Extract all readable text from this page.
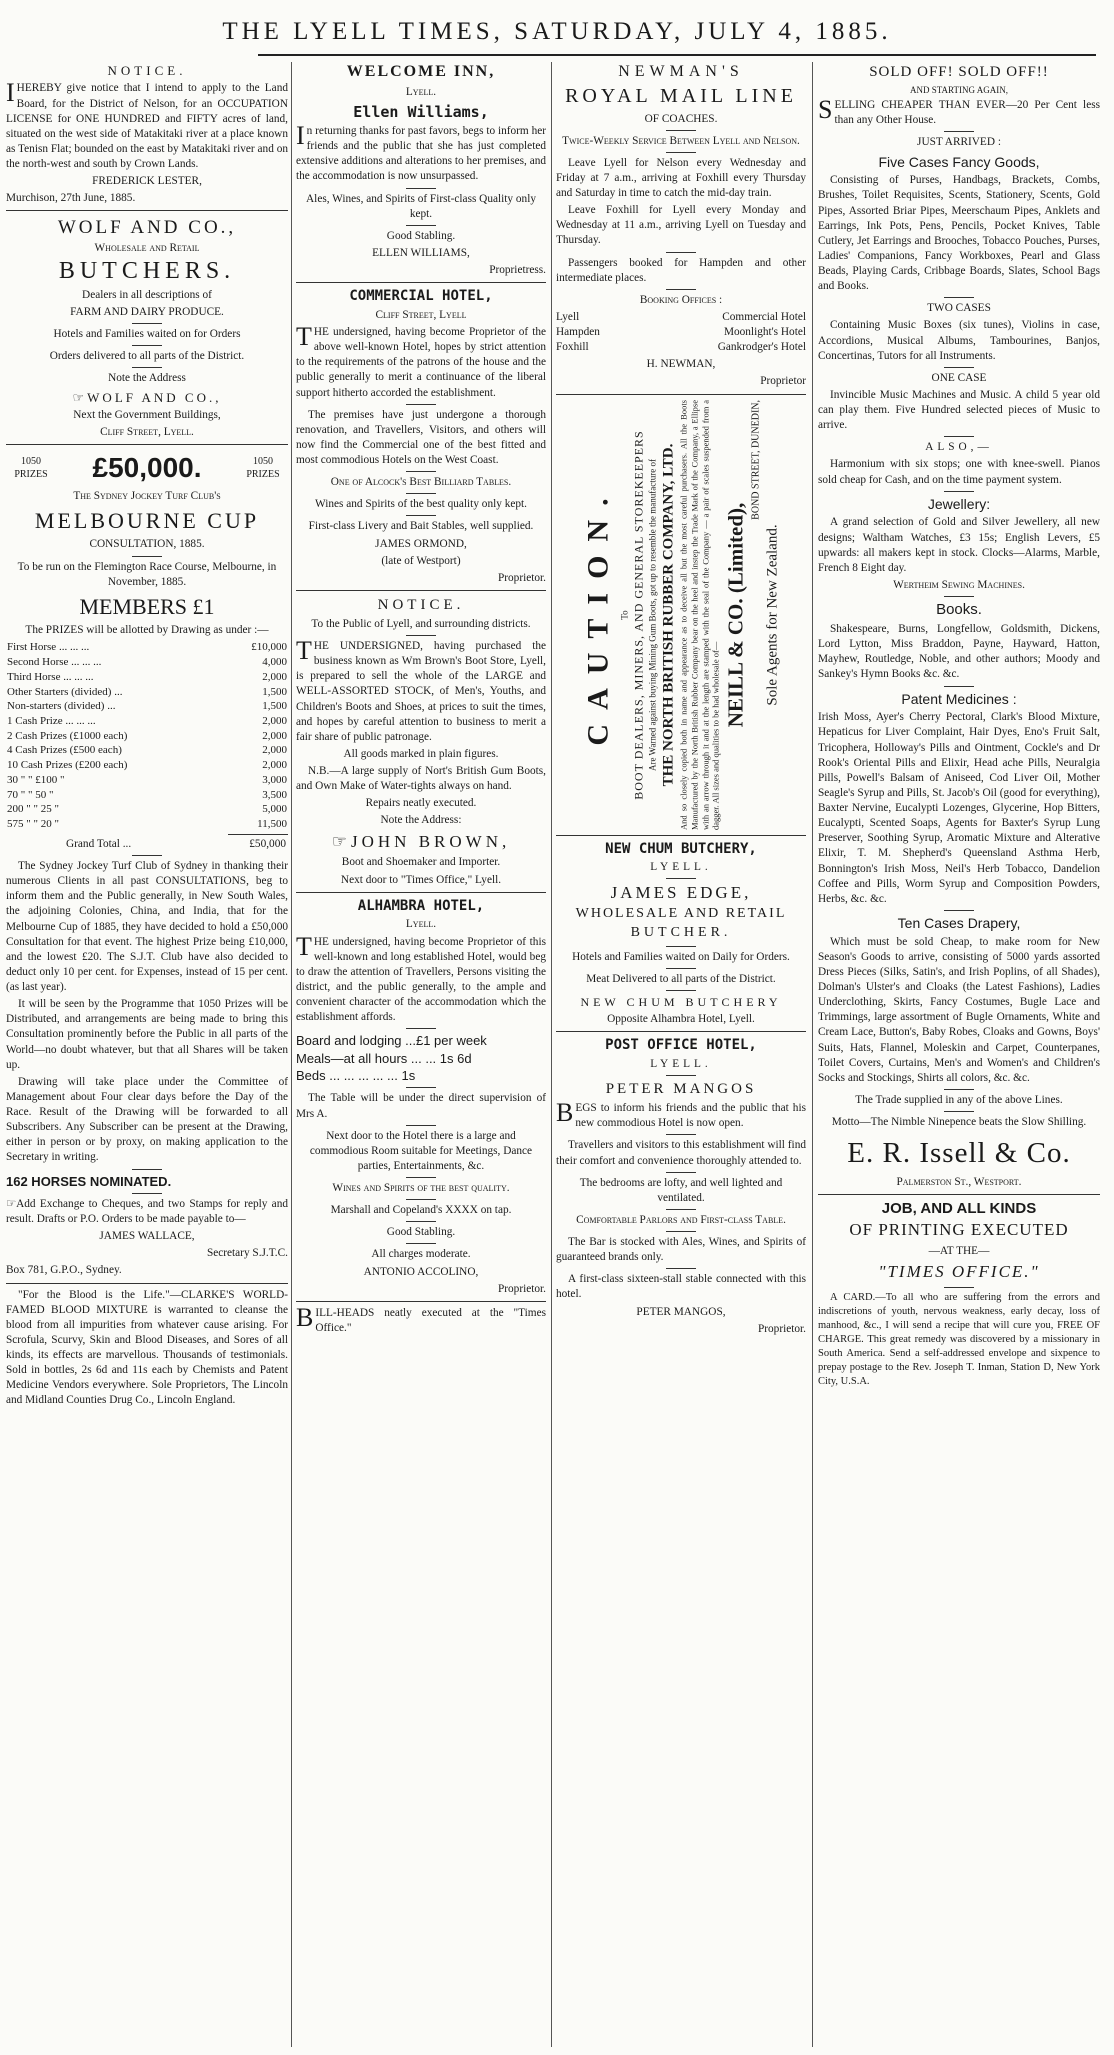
THE LYELL TIMES, SATURDAY, JULY 4, 1885.
NOTICE.

IHEREBY give notice that I intend to apply to the Land Board, for the District of Nelson, for an OCCUPATION LICENSE for ONE HUNDRED and FIFTY acres of land, situated on the west side of Matakitaki river at a place known as Tenisn Flat; bounded on the east by Matakitaki river and on the north-west and south by Crown Lands.

FREDERICK LESTER,

Murchison, 27th June, 1885.

WOLF AND CO.,
Wholesale and Retail
BUTCHERS.

Dealers in all descriptions of

FARM AND DAIRY PRODUCE.

Hotels and Families waited on for Orders

Orders delivered to all parts of the District.

Note the Address

☞WOLF AND CO.,

Next the Government Buildings,

Cliff Street, Lyell.

1050 PRIZES £50,000.	1050 PRIZES

The Sydney Jockey Turf Club's

MELBOURNE CUP

CONSULTATION, 1885.

To be run on the Flemington Race Course, Melbourne, in November, 1885.

MEMBERS £1

The PRIZES will be allotted by Drawing as under :—

First Horse ... ... ...	£10,000
Second Horse ... ... ...	4,000
Third Horse ... ... ...	2,000
Other Starters (divided) ...	1,500
Non-starters (divided) ...	1,500
1 Cash Prize ... ... ...	2,000
2 Cash Prizes (£1000 each)	2,000
4 Cash Prizes (£500 each)	2,000
10 Cash Prizes (£200 each)	2,000
30 " " £100 "	3,000
70 " " 50 "	3,500
200 " " 25 "	5,000
575 " " 20 "	11,500
Grand Total ...	£50,000

The Sydney Jockey Turf Club of Sydney in thanking their numerous Clients in all past CONSULTATIONS, beg to inform them and the Public generally, in New South Wales, the adjoining Colonies, China, and India, that for the Melbourne Cup of 1885, they have decided to hold a £50,000 Consultation for that event. The highest Prize being £10,000, and the lowest £20. The S.J.T. Club have also decided to deduct only 10 per cent. for Expenses, instead of 15 per cent. (as last year).

It will be seen by the Programme that 1050 Prizes will be Distributed, and arrangements are being made to bring this Consultation prominently before the Public in all parts of the World—no doubt whatever, but that all Shares will be taken up.

Drawing will take place under the Committee of Management about Four clear days before the Day of the Race. Result of the Drawing will be forwarded to all Subscribers. Any Subscriber can be present at the Drawing, either in person or by proxy, on making application to the Secretary in writing.

162 HORSES NOMINATED.

☞Add Exchange to Cheques, and two Stamps for reply and result. Drafts or P.O. Orders to be made payable to—

JAMES WALLACE,

Secretary S.J.T.C.

Box 781, G.P.O., Sydney.

"For the Blood is the Life."—CLARKE'S WORLD-FAMED BLOOD MIXTURE is warranted to cleanse the blood from all impurities from whatever cause arising. For Scrofula, Scurvy, Skin and Blood Diseases, and Sores of all kinds, its effects are marvellous. Thousands of testimonials. Sold in bottles, 2s 6d and 11s each by Chemists and Patent Medicine Vendors everywhere. Sole Proprietors, The Lincoln and Midland Counties Drug Co., Lincoln England.

WELCOME INN,

Lyell.

Ellen Williams,

In returning thanks for past favors, begs to inform her friends and the public that she has just completed extensive additions and alterations to her premises, and the accommodation is now unsurpassed.

Ales, Wines, and Spirits of First-class Quality only kept.

Good Stabling.

ELLEN WILLIAMS,

Proprietress.

COMMERCIAL HOTEL,

Cliff Street, Lyell

THE undersigned, having become Proprietor of the above well-known Hotel, hopes by strict attention to the requirements of the patrons of the house and the public generally to merit a continuance of the liberal support hitherto accorded the establishment.

The premises have just undergone a thorough renovation, and Travellers, Visitors, and others will now find the Commercial one of the best fitted and most commodious Hotels on the West Coast.

One of Alcock's Best Billiard Tables.

Wines and Spirits of the best quality only kept.

First-class Livery and Bait Stables, well supplied.

JAMES ORMOND,

(late of Westport)

Proprietor.

NOTICE.

To the Public of Lyell, and surrounding districts.

THE UNDERSIGNED, having purchased the business known as Wm Brown's Boot Store, Lyell, is prepared to sell the whole of the LARGE and WELL-ASSORTED STOCK, of Men's, Youths, and Children's Boots and Shoes, at prices to suit the times, and hopes by careful attention to business to merit a fair share of public patronage.

All goods marked in plain figures.

N.B.—A large supply of Nort's British Gum Boots, and Own Make of Water-tights always on hand.

Repairs neatly executed.

Note the Address:

☞JOHN BROWN,

Boot and Shoemaker and Importer.

Next door to "Times Office," Lyell.

ALHAMBRA HOTEL,

Lyell.

THE undersigned, having become Proprietor of this well-known and long established Hotel, would beg to draw the attention of Travellers, Persons visiting the district, and the public generally, to the ample and convenient character of the accommodation which the establishment affords.

Board and lodging ...£1 per week
Meals—at all hours ... ... 1s 6d
Beds ... ... ... ... ... 1s

The Table will be under the direct supervision of Mrs A.

Next door to the Hotel there is a large and commodious Room suitable for Meetings, Dance parties, Entertainments, &c.

Wines and Spirits of the best quality.

Marshall and Copeland's XXXX on tap.

Good Stabling.

All charges moderate.

ANTONIO ACCOLINO,

Proprietor.

BILL-HEADS neatly executed at the "Times Office."

NEWMAN'S
ROYAL MAIL LINE

OF COACHES.

Twice-Weekly Service Between Lyell and Nelson.

Leave Lyell for Nelson every Wednesday and Friday at 7 a.m., arriving at Foxhill every Thursday and Saturday in time to catch the mid-day train.

Leave Foxhill for Lyell every Monday and Wednesday at 11 a.m., arriving Lyell on Tuesday and Thursday.

Passengers booked for Hampden and other intermediate places.

Booking Offices :

Lyell	Commercial Hotel
Hampden	Moonlight's Hotel
Foxhill	Gankrodger's Hotel

H. NEWMAN,

Proprietor

CAUTION. To BOOT DEALERS, MINERS, AND GENERAL STOREKEEPERS Are Warned against buying Mining Gum Boots, got up to resemble the manufacture of THE NORTH BRITISH RUBBER COMPANY, LTD. And so closely copied both in name and appearance as to deceive all but the most careful purchasers. All the Boots Manufactured by the North British Rubber Company bear on the heel and instep the Trade Mark of the Company, a Ellipse with an arrow through it and at the length are stamped with the seal of the Company — a pair of scales suspended from a dagger. All sizes and qualities to be had wholesale of—
NEILL & CO. (Limited),
BOND STREET, DUNEDIN,
Sole Agents for New Zealand.
NEW CHUM BUTCHERY,

LYELL.

JAMES EDGE,
WHOLESALE AND RETAIL
BUTCHER.

Hotels and Families waited on Daily for Orders.

Meat Delivered to all parts of the District.

NEW CHUM BUTCHERY

Opposite Alhambra Hotel, Lyell.

POST OFFICE HOTEL,

LYELL.

PETER MANGOS

BEGS to inform his friends and the public that his new commodious Hotel is now open.

Travellers and visitors to this establishment will find their comfort and convenience thoroughly attended to.

The bedrooms are lofty, and well lighted and ventilated.

Comfortable Parlors and First-class Table.

The Bar is stocked with Ales, Wines, and Spirits of guaranteed brands only.

A first-class sixteen-stall stable connected with this hotel.

PETER MANGOS,

Proprietor.

SOLD OFF! SOLD OFF!!

AND STARTING AGAIN,

SELLING CHEAPER THAN EVER—20 Per Cent less than any Other House.

JUST ARRIVED :

Five Cases Fancy Goods,

Consisting of Purses, Handbags, Brackets, Combs, Brushes, Toilet Requisites, Scents, Stationery, Scents, Gold Pipes, Assorted Briar Pipes, Meerschaum Pipes, Anklets and Earrings, Ink Pots, Pens, Pencils, Pocket Knives, Table Cutlery, Jet Earrings and Brooches, Tobacco Pouches, Purses, Ladies' Companions, Fancy Workboxes, Pearl and Glass Beads, Playing Cards, Cribbage Boards, Slates, School Bags and Books.

TWO CASES

Containing Music Boxes (six tunes), Violins in case, Accordions, Musical Albums, Tambourines, Banjos, Concertinas, Tutors for all Instruments.

ONE CASE

Invincible Music Machines and Music. A child 5 year old can play them. Five Hundred selected pieces of Music to arrive.

ALSO,—

Harmonium with six stops; one with knee-swell. Pianos sold cheap for Cash, and on the time payment system.

Jewellery:

A grand selection of Gold and Silver Jewellery, all new designs; Waltham Watches, £3 15s; English Levers, £5 upwards: all makers kept in stock. Clocks—Alarms, Marble, French 8 Eight day.

Wertheim Sewing Machines.

Books.

Shakespeare, Burns, Longfellow, Goldsmith, Dickens, Lord Lytton, Miss Braddon, Payne, Hayward, Hatton, Mayhew, Routledge, Noble, and other authors; Moody and Sankey's Hymn Books &c. &c.

Patent Medicines :

Irish Moss, Ayer's Cherry Pectoral, Clark's Blood Mixture, Hepaticus for Liver Complaint, Hair Dyes, Eno's Fruit Salt, Tricophera, Holloway's Pills and Ointment, Cockle's and Dr Rook's Oriental Pills and Elixir, Head ache Pills, Neuralgia Pills, Powell's Balsam of Aniseed, Cod Liver Oil, Mother Seagle's Syrup and Pills, St. Jacob's Oil (good for everything), Baxter Nervine, Eucalypti Lozenges, Glycerine, Hop Bitters, Eucalypti, Scented Soaps, Agents for Baxter's Syrup Lung Preserver, Soothing Syrup, Aromatic Mixture and Alterative Elixir, T. M. Shepherd's Queensland Asthma Herb, Bonnington's Irish Moss, Neil's Herb Tobacco, Dandelion Coffee and Pills, Worm Syrup and Composition Powders, Herbs, &c. &c.

Ten Cases Drapery,

Which must be sold Cheap, to make room for New Season's Goods to arrive, consisting of 5000 yards assorted Dress Pieces (Silks, Satin's, and Irish Poplins, of all Shades), Dolman's Ulster's and Cloaks (the Latest Fashions), Ladies Underclothing, Skirts, Fancy Costumes, Bugle Lace and Trimmings, large assortment of Bugle Ornaments, White and Cream Lace, Button's, Baby Robes, Cloaks and Gowns, Boys' Suits, Hats, Flannel, Moleskin and Carpet, Counterpanes, Toilet Covers, Curtains, Men's and Women's and Children's Socks and Stockings, Shirts all colors, &c. &c.

The Trade supplied in any of the above Lines.

Motto—The Nimble Ninepence beats the Slow Shilling.

E. R. Issell & Co.

Palmerston St., Westport.

JOB, AND ALL KINDS
OF PRINTING EXECUTED

—AT THE—

"TIMES OFFICE."

A CARD.—To all who are suffering from the errors and indiscretions of youth, nervous weakness, early decay, loss of manhood, &c., I will send a recipe that will cure you, FREE OF CHARGE. This great remedy was discovered by a missionary in South America. Send a self-addressed envelope and sixpence to prepay postage to the Rev. Joseph T. Inman, Station D, New York City, U.S.A.
